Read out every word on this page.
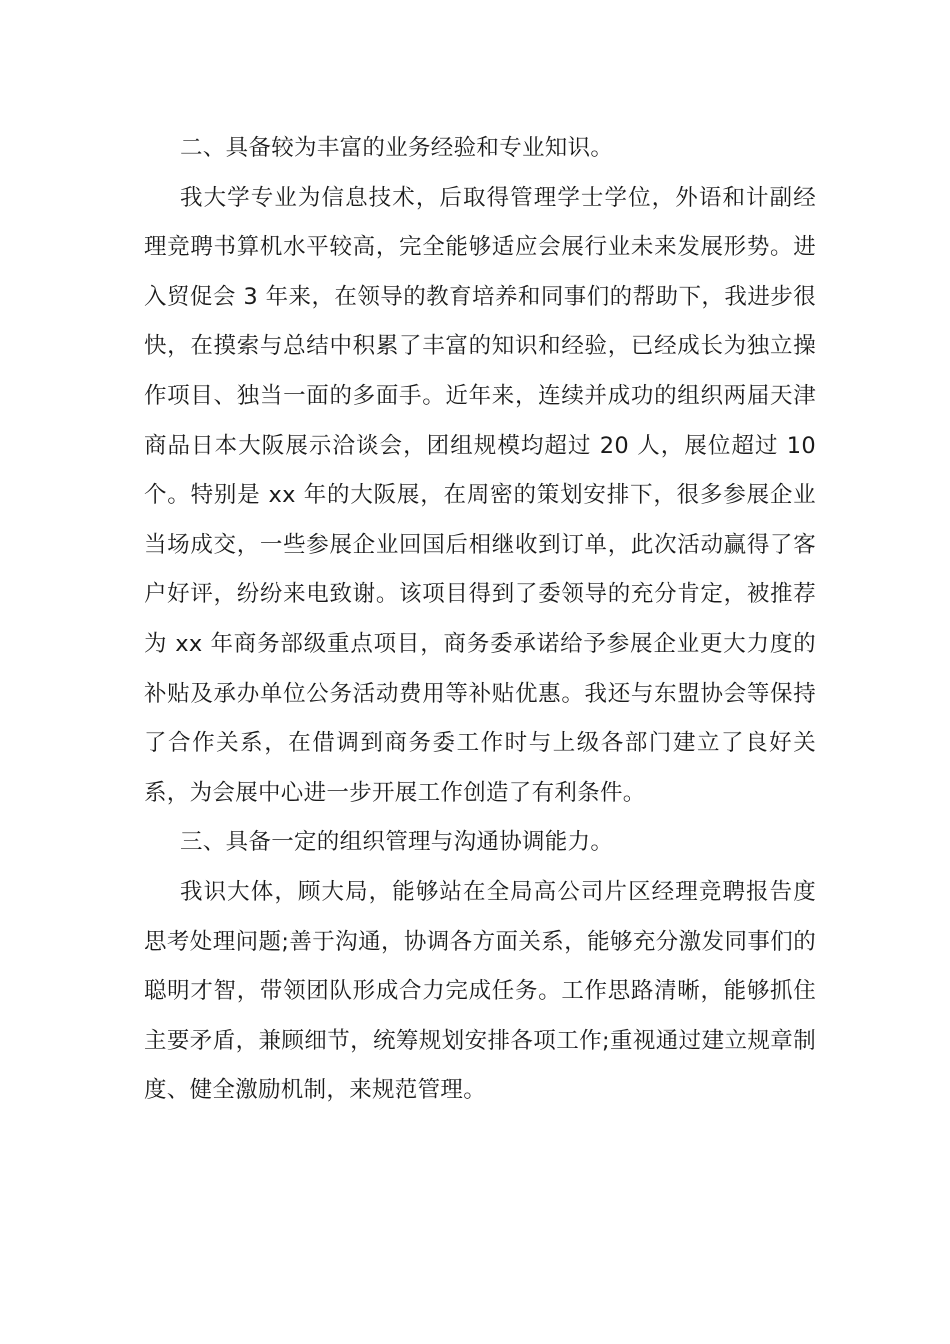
二、具备较为丰富的业务经验和专业知识。

我大学专业为信息技术，后取得管理学士学位，外语和计副经理竞聘书算机水平较高，完全能够适应会展行业未来发展形势。进入贸促会 3 年来，在领导的教育培养和同事们的帮助下，我进步很快，在摸索与总结中积累了丰富的知识和经验，已经成长为独立操作项目、独当一面的多面手。近年来，连续并成功的组织两届天津商品日本大阪展示洽谈会，团组规模均超过 20 人，展位超过 10 个。特别是 xx 年的大阪展，在周密的策划安排下，很多参展企业当场成交，一些参展企业回国后相继收到订单，此次活动赢得了客户好评，纷纷来电致谢。该项目得到了委领导的充分肯定，被推荐为 xx 年商务部级重点项目，商务委承诺给予参展企业更大力度的补贴及承办单位公务活动费用等补贴优惠。我还与东盟协会等保持了合作关系，在借调到商务委工作时与上级各部门建立了良好关系，为会展中心进一步开展工作创造了有利条件。

三、具备一定的组织管理与沟通协调能力。

我识大体，顾大局，能够站在全局高公司片区经理竞聘报告度思考处理问题;善于沟通，协调各方面关系，能够充分激发同事们的聪明才智，带领团队形成合力完成任务。工作思路清晰，能够抓住主要矛盾，兼顾细节，统筹规划安排各项工作;重视通过建立规章制度、健全激励机制，来规范管理。
